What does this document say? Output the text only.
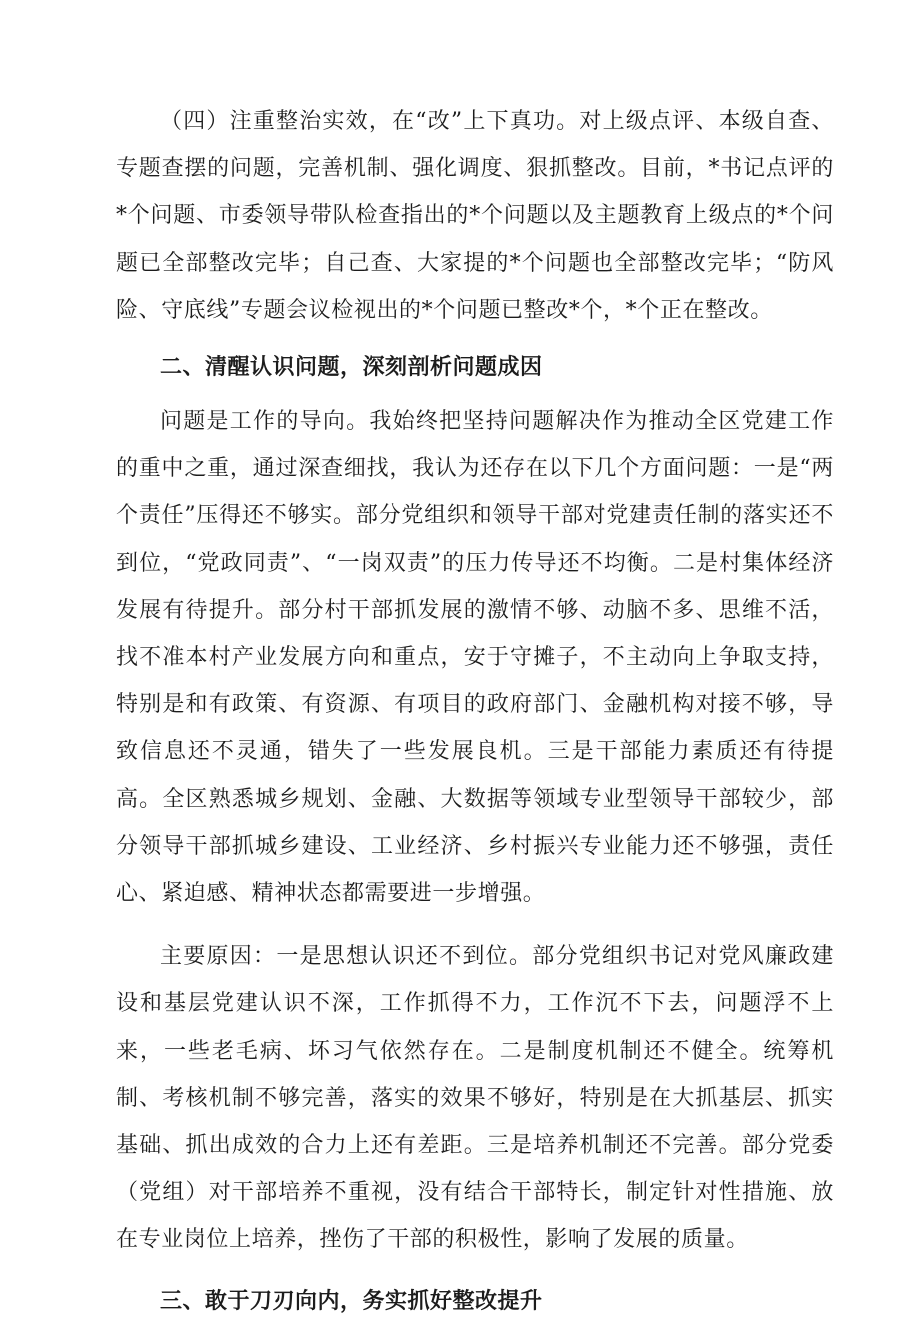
（四）注重整治实效，在“改”上下真功。对上级点评、本级自查、专题查摆的问题，完善机制、强化调度、狠抓整改。目前，*书记点评的*个问题、市委领导带队检查指出的*个问题以及主题教育上级点的*个问题已全部整改完毕；自己查、大家提的*个问题也全部整改完毕；“防风险、守底线”专题会议检视出的*个问题已整改*个，*个正在整改。

二、清醒认识问题，深刻剖析问题成因

问题是工作的导向。我始终把坚持问题解决作为推动全区党建工作的重中之重，通过深查细找，我认为还存在以下几个方面问题：一是“两个责任”压得还不够实。部分党组织和领导干部对党建责任制的落实还不到位，“党政同责”、“一岗双责”的压力传导还不均衡。二是村集体经济发展有待提升。部分村干部抓发展的激情不够、动脑不多、思维不活，找不准本村产业发展方向和重点，安于守摊子，不主动向上争取支持，特别是和有政策、有资源、有项目的政府部门、金融机构对接不够，导致信息还不灵通，错失了一些发展良机。三是干部能力素质还有待提高。全区熟悉城乡规划、金融、大数据等领域专业型领导干部较少，部分领导干部抓城乡建设、工业经济、乡村振兴专业能力还不够强，责任心、紧迫感、精神状态都需要进一步增强。

主要原因：一是思想认识还不到位。部分党组织书记对党风廉政建设和基层党建认识不深，工作抓得不力，工作沉不下去，问题浮不上来，一些老毛病、坏习气依然存在。二是制度机制还不健全。统筹机制、考核机制不够完善，落实的效果不够好，特别是在大抓基层、抓实基础、抓出成效的合力上还有差距。三是培养机制还不完善。部分党委（党组）对干部培养不重视，没有结合干部特长，制定针对性措施、放在专业岗位上培养，挫伤了干部的积极性，影响了发展的质量。

三、敢于刀刃向内，务实抓好整改提升
